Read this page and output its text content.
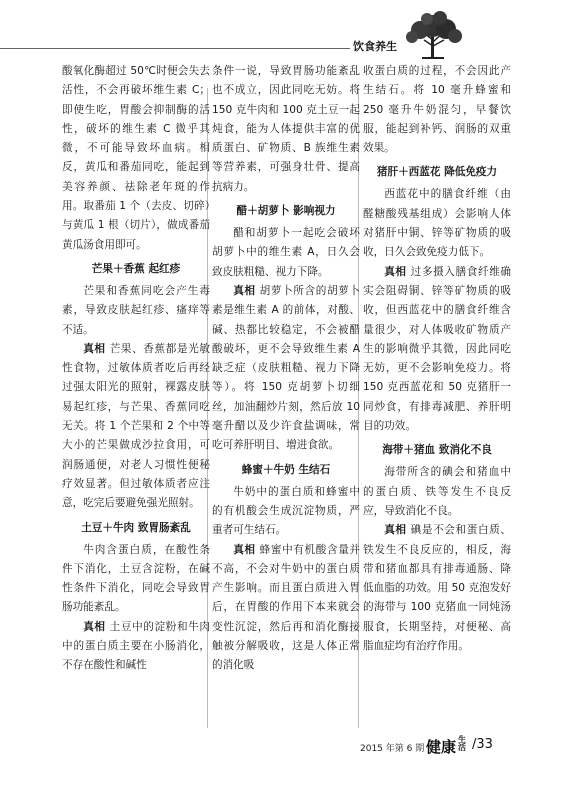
饮食养生

酸氧化酶超过 50℃时便会失去活性，不会再破坏维生素 C；即使生吃，胃酸会抑制酶的活性，破坏的维生素 C 微乎其微，不可能导致坏血病。相反，黄瓜和番茄同吃，能起到美容养颜、祛除老年斑的作用。取番茄 1 个（去皮、切碎）与黄瓜 1 根（切片），做成番茄黄瓜汤食用即可。

芒果＋香蕉 起红疹

芒果和香蕉同吃会产生毒素，导致皮肤起红疹、瘙痒等不适。

真相 芒果、香蕉都是光敏性食物，过敏体质者吃后再经过强太阳光的照射，裸露皮肤易起红疹，与芒果、香蕉同吃无关。将 1 个芒果和 2 个中等大小的芒果做成沙拉食用，可润肠通便，对老人习惯性便秘疗效显著。但过敏体质者应注意，吃完后要避免强光照射。

土豆＋牛肉 致胃肠紊乱

牛肉含蛋白质，在酸性条件下消化，土豆含淀粉，在碱性条件下消化，同吃会导致胃肠功能紊乱。

真相 土豆中的淀粉和牛肉中的蛋白质主要在小肠消化，不存在酸性和碱性

条件一说，导致胃肠功能紊乱也不成立，因此同吃无妨。将 150 克牛肉和 100 克土豆一起炖食，能为人体提供丰富的优质蛋白、矿物质、B 族维生素等营养素，可强身壮骨、提高抗病力。

醋＋胡萝卜 影响视力

醋和胡萝卜一起吃会破坏胡萝卜中的维生素 A，日久会致皮肤粗糙、视力下降。

真相 胡萝卜所含的胡萝卜素是维生素 A 的前体，对酸、碱、热都比较稳定，不会被醋酸破坏，更不会导致维生素 A 缺乏症（皮肤粗糙、视力下降等）。将 150 克胡萝卜切细丝，加油翻炒片刻，然后放 10 毫升醋以及少许食盐调味，常吃可养肝明目、增进食欲。

蜂蜜＋牛奶 生结石

牛奶中的蛋白质和蜂蜜中的有机酸会生成沉淀物质，严重者可生结石。

真相 蜂蜜中有机酸含量并不高，不会对牛奶中的蛋白质产生影响。而且蛋白质进入胃后，在胃酸的作用下本来就会变性沉淀，然后再和消化酶接触被分解吸收，这是人体正常的消化吸

收蛋白质的过程，不会因此产生结石。将 10 毫升蜂蜜和 250 毫升牛奶混匀，早餐饮服，能起到补钙、润肠的双重效果。

猪肝＋西蓝花 降低免疫力

西蓝花中的膳食纤维（由醛糖酸残基组成）会影响人体对猪肝中铜、锌等矿物质的吸收，日久会致免疫力低下。

真相 过多摄入膳食纤维确实会阻碍铜、锌等矿物质的吸收，但西蓝花中的膳食纤维含量很少，对人体吸收矿物质产生的影响微乎其微，因此同吃无妨，更不会影响免疫力。将 150 克西蓝花和 50 克猪肝一同炒食，有排毒减肥、养肝明目的功效。

海带＋猪血 致消化不良

海带所含的碘会和猪血中的蛋白质、铁等发生不良反应，导致消化不良。

真相 碘是不会和蛋白质、铁发生不良反应的，相反，海带和猪血都具有排毒通肠、降低血脂的功效。用 50 克泡发好的海带与 100 克猪血一同炖汤服食，长期坚持，对便秘、高脂血症均有治疗作用。

2015 年第 6 期 健康 生活 /33
